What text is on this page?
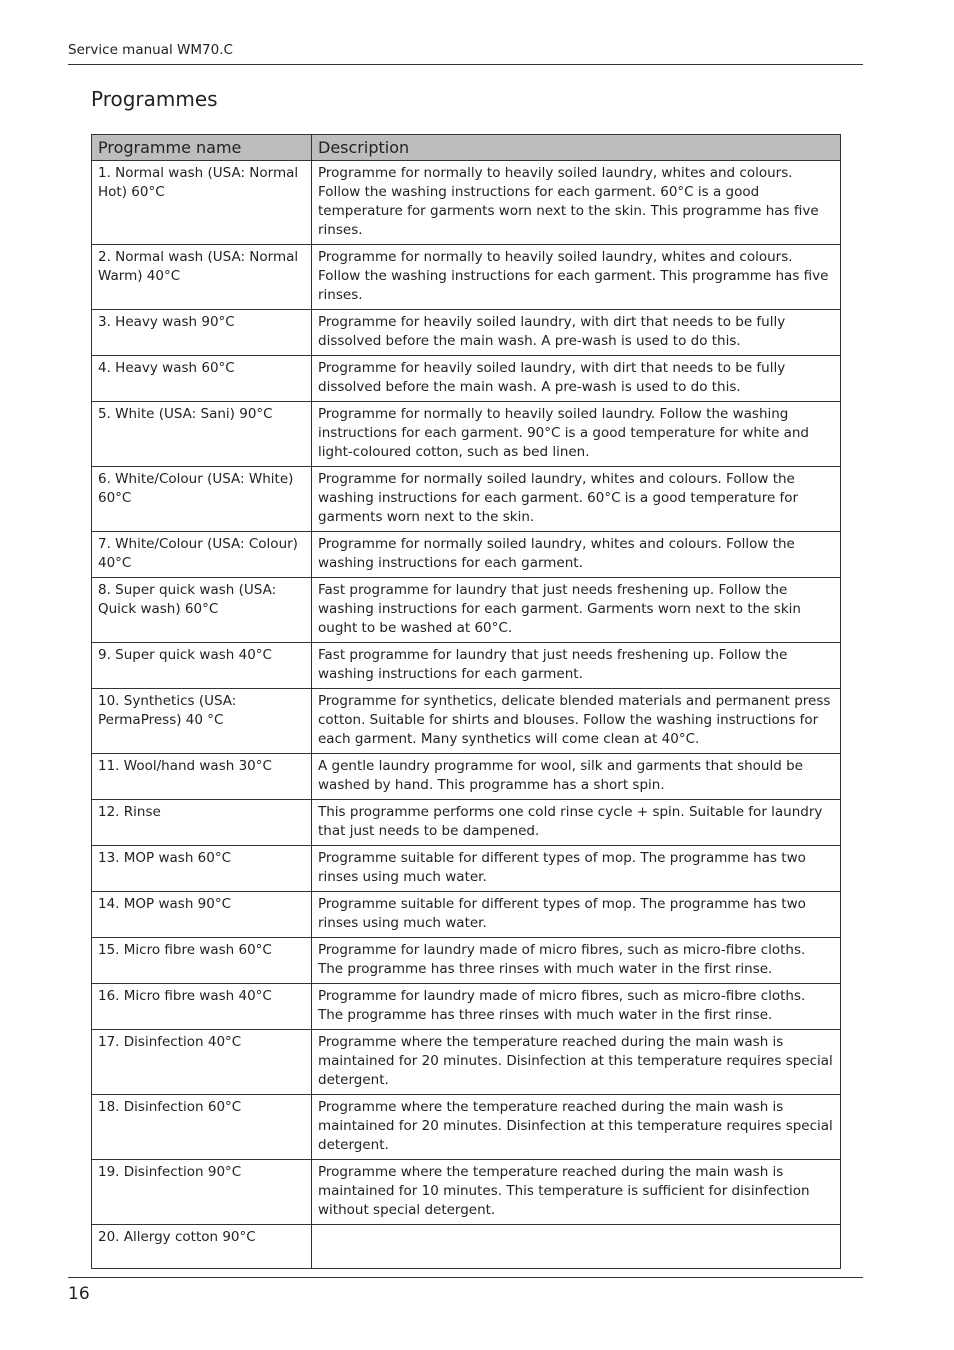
Service manual WM70.C
Programmes
Programme name	Description
1. Normal wash (USA: Normal Hot) 60°C	Programme for normally to heavily soiled laundry, whites and colours. Follow the washing instructions for each garment. 60°C is a good temperature for garments worn next to the skin. This programme has five rinses.
2. Normal wash (USA: Normal Warm) 40°C	Programme for normally to heavily soiled laundry, whites and colours. Follow the washing instructions for each garment. This programme has five rinses.
3. Heavy wash 90°C	Programme for heavily soiled laundry, with dirt that needs to be fully dissolved before the main wash. A pre-wash is used to do this.
4. Heavy wash 60°C	Programme for heavily soiled laundry, with dirt that needs to be fully dissolved before the main wash. A pre-wash is used to do this.
5. White (USA: Sani) 90°C	Programme for normally to heavily soiled laundry. Follow the washing instructions for each garment. 90°C is a good temperature for white and light-coloured cotton, such as bed linen.
6. White/Colour (USA: White) 60°C	Programme for normally soiled laundry, whites and colours. Follow the washing instructions for each garment. 60°C is a good temperature for garments worn next to the skin.
7. White/Colour (USA: Colour) 40°C	Programme for normally soiled laundry, whites and colours. Follow the washing instructions for each garment.
8. Super quick wash (USA: Quick wash) 60°C	Fast programme for laundry that just needs freshening up. Follow the washing instructions for each garment. Garments worn next to the skin ought to be washed at 60°C.
9. Super quick wash 40°C	Fast programme for laundry that just needs freshening up. Follow the washing instructions for each garment.
10. Synthetics (USA: PermaPress) 40 °C	Programme for synthetics, delicate blended materials and permanent press cotton. Suitable for shirts and blouses. Follow the washing instructions for each garment. Many synthetics will come clean at 40°C.
11. Wool/hand wash 30°C	A gentle laundry programme for wool, silk and garments that should be washed by hand. This programme has a short spin.
12. Rinse	This programme performs one cold rinse cycle + spin. Suitable for laundry that just needs to be dampened.
13. MOP wash 60°C	Programme suitable for different types of mop. The programme has two rinses using much water.
14. MOP wash 90°C	Programme suitable for different types of mop. The programme has two rinses using much water.
15. Micro fibre wash 60°C	Programme for laundry made of micro fibres, such as micro-fibre cloths. The programme has three rinses with much water in the first rinse.
16. Micro fibre wash 40°C	Programme for laundry made of micro fibres, such as micro-fibre cloths. The programme has three rinses with much water in the first rinse.
17. Disinfection 40°C	Programme where the temperature reached during the main wash is maintained for 20 minutes. Disinfection at this temperature requires special detergent.
18. Disinfection 60°C	Programme where the temperature reached during the main wash is maintained for 20 minutes. Disinfection at this temperature requires special detergent.
19. Disinfection 90°C	Programme where the temperature reached during the main wash is maintained for 10 minutes. This temperature is sufficient for disinfection without special detergent.
20. Allergy cotton 90°C	
16
